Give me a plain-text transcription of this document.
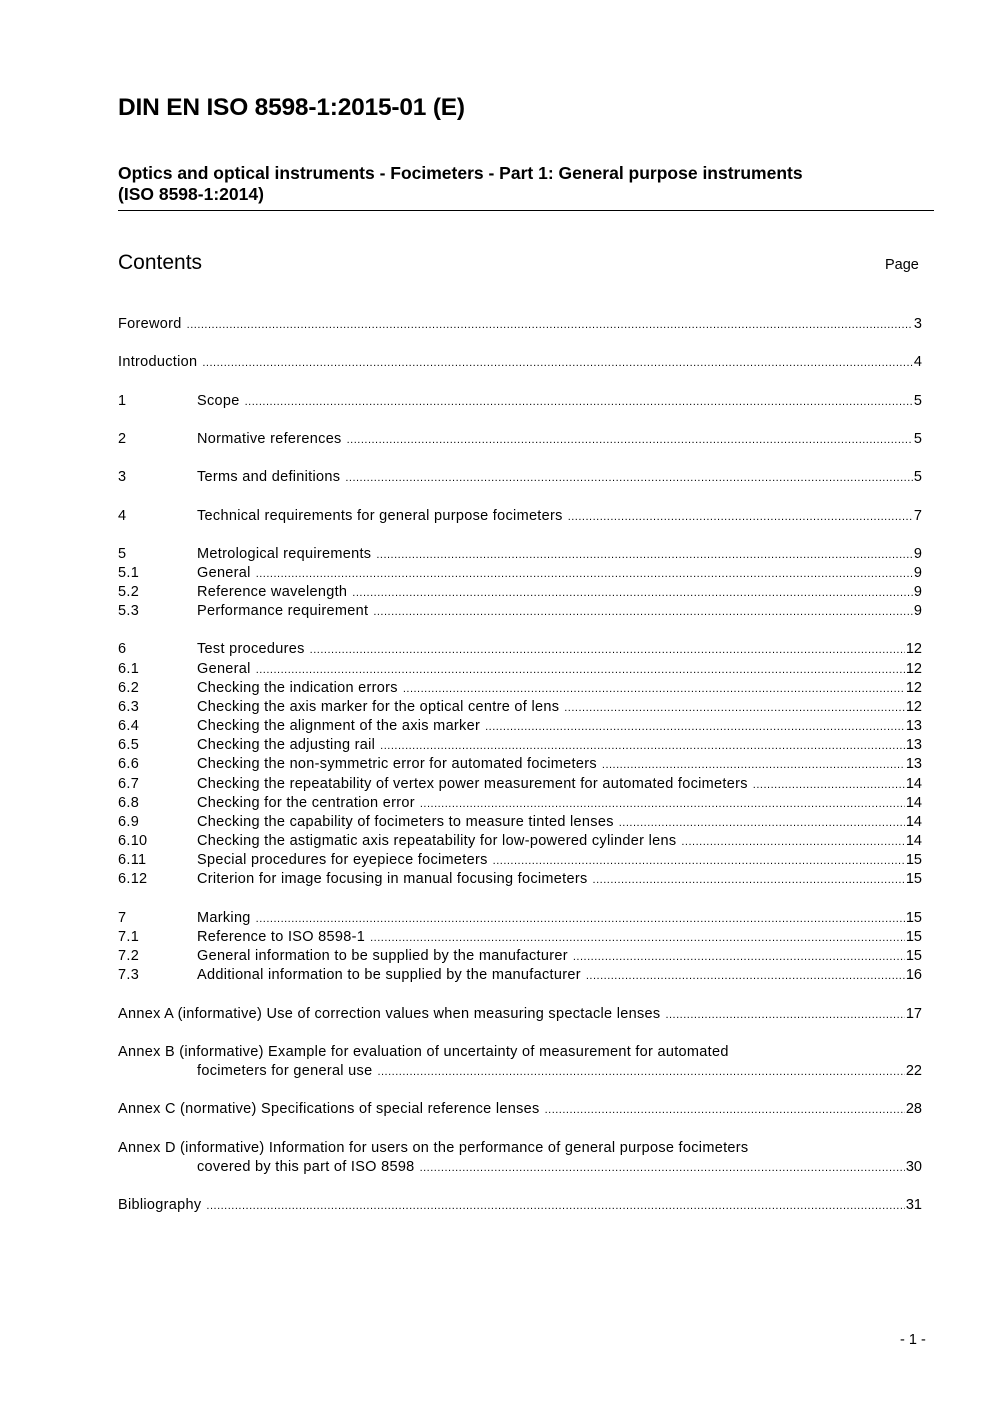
DIN EN ISO 8598-1:2015-01 (E)
Optics and optical instruments - Focimeters - Part 1: General purpose instruments
(ISO 8598-1:2014)
Contents	Page
Foreword .....	3
Introduction .....	4
1	Scope .....	5
2	Normative references .....	5
3	Terms and definitions .....	5
4	Technical requirements for general purpose focimeters .....	7
5	Metrological requirements .....	9
5.1	General .....	9
5.2	Reference wavelength .....	9
5.3	Performance requirement .....	9
6	Test procedures .....	12
6.1	General .....	12
6.2	Checking the indication errors .....	12
6.3	Checking the axis marker for the optical centre of lens .....	12
6.4	Checking the alignment of the axis marker .....	13
6.5	Checking the adjusting rail .....	13
6.6	Checking the non-symmetric error for automated focimeters .....	13
6.7	Checking the repeatability of vertex power measurement for automated focimeters .....	14
6.8	Checking for the centration error .....	14
6.9	Checking the capability of focimeters to measure tinted lenses .....	14
6.10	Checking the astigmatic axis repeatability for low-powered cylinder lens .....	14
6.11	Special procedures for eyepiece focimeters .....	15
6.12	Criterion for image focusing in manual focusing focimeters .....	15
7	Marking .....	15
7.1	Reference to ISO 8598-1 .....	15
7.2	General information to be supplied by the manufacturer .....	15
7.3	Additional information to be supplied by the manufacturer .....	16
Annex A (informative) Use of correction values when measuring spectacle lenses .....	17
Annex B (informative) Example for evaluation of uncertainty of measurement for automated
focimeters for general use .....	22
Annex C (normative) Specifications of special reference lenses .....	28
Annex D (informative) Information for users on the performance of general purpose focimeters
covered by this part of ISO 8598 .....	30
Bibliography .....	31
- 1 -
